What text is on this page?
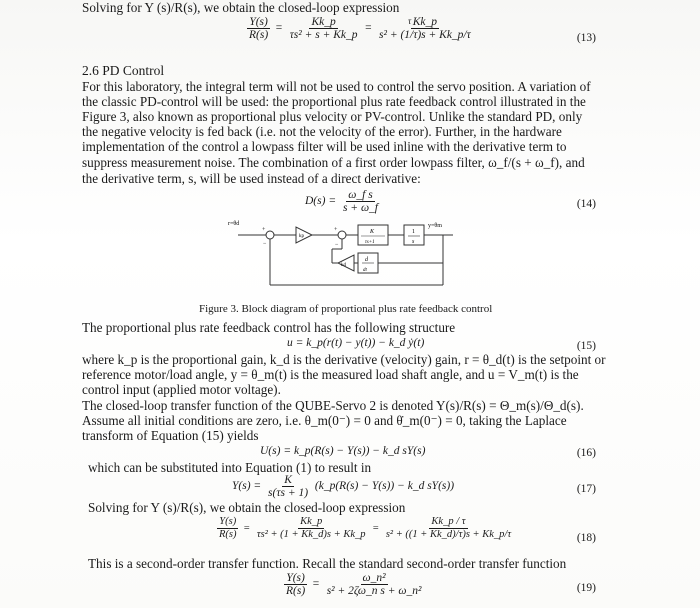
Solving for Y (s)/R(s), we obtain the closed-loop expression
$\frac{Y(s)}{R(s)} = \frac{Kk\_p}{\text{τs² + s + Kk\_p}} = \frac{Kk\_p}{\text{s² + (1/τ)s + Kk\_p/τ}}$
τ
(13)
2.6 PD Control
For this laboratory, the integral term will not be used to control the servo position. A variation of
the classic PD-control will be used: the proportional plus rate feedback control illustrated in the
Figure 3, also known as proportional plus velocity or PV-control. Unlike the standard PD, only
the negative velocity is fed back (i.e. not the velocity of the error). Further, in the hardware
implementation of the control a lowpass filter will be used inline with the derivative term to
suppress measurement noise. The combination of a first order lowpass filter, ω_f/(s + ω_f), and
the derivative term, s, will be used instead of a direct derivative:
$D(s) = \frac{\text{ω\_f s}}{s + \omega\_f}$	(14)
r=θd	y=θm
kp
K
τs+1
1
s
kd
d
dt
+
−
+
−
Figure 3. Block diagram of proportional plus rate feedback control
The proportional plus rate feedback control has the following structure
u = k_p(r(t) − y(t)) − k_d ẏ(t)	(15)
where k_p is the proportional gain, k_d is the derivative (velocity) gain, r = θ_d(t) is the setpoint or
reference motor/load angle, y = θ_m(t) is the measured load shaft angle, and u = V_m(t) is the
control input (applied motor voltage).
The closed-loop transfer function of the QUBE-Servo 2 is denoted Y(s)/R(s) = Θ_m(s)/Θ_d(s).
Assume all initial conditions are zero, i.e. θ_m(0⁻) = 0 and θ̇_m(0⁻) = 0, taking the Laplace
transform of Equation (15) yields
U(s) = k_p(R(s) − Y(s)) − k_d sY(s)	(16)
which can be substituted into Equation (1) to result in
$Y(s) = \frac{K}{s(\tau s + 1)}$ (k_p(R(s) − Y(s)) − k_d sY(s))	(17)
Solving for Y (s)/R(s), we obtain the closed-loop expression
$\frac{Y(s)}{R(s)} = \frac{Kk\_p}{\text{τs² + (1 + Kk\_d)s + Kk\_p}} = \frac{Kk\_p / \tau}{\text{s² + ((1 + Kk\_d)/τ)s + Kk\_p/τ}}$	(18)
This is a second-order transfer function. Recall the standard second-order transfer function
$\frac{Y(s)}{R(s)} = \frac{\text{ω\_n²}}{\text{s² + 2ζω\_n s + ω\_n²}}$	(19)
